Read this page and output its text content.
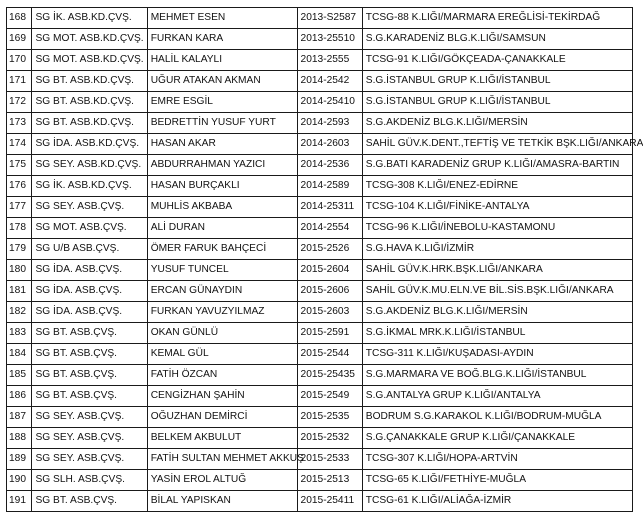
168	SG İK. ASB.KD.ÇVŞ.	MEHMET ESEN	2013-S2587	TCSG-88 K.LIĞI/MARMARA EREĞLİSİ-TEKİRDAĞ
169	SG MOT. ASB.KD.ÇVŞ.	FURKAN KARA	2013-25510	S.G.KARADENİZ BLG.K.LIĞI/SAMSUN
170	SG MOT. ASB.KD.ÇVŞ.	HALİL KALAYLI	2013-2555	TCSG-91 K.LIĞI/GÖKÇEADA-ÇANAKKALE
171	SG BT. ASB.KD.ÇVŞ.	UĞUR ATAKAN AKMAN	2014-2542	S.G.İSTANBUL GRUP K.LIĞI/İSTANBUL
172	SG BT. ASB.KD.ÇVŞ.	EMRE ESGİL	2014-25410	S.G.İSTANBUL GRUP K.LIĞI/İSTANBUL
173	SG BT. ASB.KD.ÇVŞ.	BEDRETTİN YUSUF YURT	2014-2593	S.G.AKDENİZ BLG.K.LIĞI/MERSİN
174	SG İDA. ASB.KD.ÇVŞ.	HASAN AKAR	2014-2603	SAHİL GÜV.K.DENT.,TEFTİŞ VE TETKİK BŞK.LIĞI/ANKARA
175	SG SEY. ASB.KD.ÇVŞ.	ABDURRAHMAN YAZICI	2014-2536	S.G.BATI KARADENİZ GRUP K.LIĞI/AMASRA-BARTIN
176	SG İK. ASB.KD.ÇVŞ.	HASAN BURÇAKLI	2014-2589	TCSG-308 K.LIĞI/ENEZ-EDİRNE
177	SG SEY. ASB.ÇVŞ.	MUHLİS AKBABA	2014-25311	TCSG-104 K.LIĞI/FİNİKE-ANTALYA
178	SG MOT. ASB.ÇVŞ.	ALİ DURAN	2014-2554	TCSG-96 K.LIĞI/İNEBOLU-KASTAMONU
179	SG U/B ASB.ÇVŞ.	ÖMER FARUK BAHÇECİ	2015-2526	S.G.HAVA K.LIĞI/İZMİR
180	SG İDA. ASB.ÇVŞ.	YUSUF TUNCEL	2015-2604	SAHİL GÜV.K.HRK.BŞK.LIĞI/ANKARA
181	SG İDA. ASB.ÇVŞ.	ERCAN GÜNAYDIN	2015-2606	SAHİL GÜV.K.MU.ELN.VE BİL.SİS.BŞK.LIĞI/ANKARA
182	SG İDA. ASB.ÇVŞ.	FURKAN YAVUZYILMAZ	2015-2603	S.G.AKDENİZ BLG.K.LIĞI/MERSİN
183	SG BT. ASB.ÇVŞ.	OKAN GÜNLÜ	2015-2591	S.G.İKMAL MRK.K.LIĞI/İSTANBUL
184	SG BT. ASB.ÇVŞ.	KEMAL GÜL	2015-2544	TCSG-311 K.LIĞI/KUŞADASI-AYDIN
185	SG BT. ASB.ÇVŞ.	FATİH ÖZCAN	2015-25435	S.G.MARMARA VE BOĞ.BLG.K.LIĞI/İSTANBUL
186	SG BT. ASB.ÇVŞ.	CENGİZHAN ŞAHİN	2015-2549	S.G.ANTALYA GRUP K.LIĞI/ANTALYA
187	SG SEY. ASB.ÇVŞ.	OĞUZHAN DEMİRCİ	2015-2535	BODRUM S.G.KARAKOL K.LIĞI/BODRUM-MUĞLA
188	SG SEY. ASB.ÇVŞ.	BELKEM AKBULUT	2015-2532	S.G.ÇANAKKALE GRUP K.LIĞI/ÇANAKKALE
189	SG SEY. ASB.ÇVŞ.	FATİH SULTAN MEHMET AKKUŞ	2015-2533	TCSG-307 K.LIĞI/HOPA-ARTVİN
190	SG SLH. ASB.ÇVŞ.	YASİN EROL ALTUĞ	2015-2513	TCSG-65 K.LIĞI/FETHİYE-MUĞLA
191	SG BT. ASB.ÇVŞ.	BİLAL YAPISKAN	2015-25411	TCSG-61 K.LIĞI/ALİAĞA-İZMİR
